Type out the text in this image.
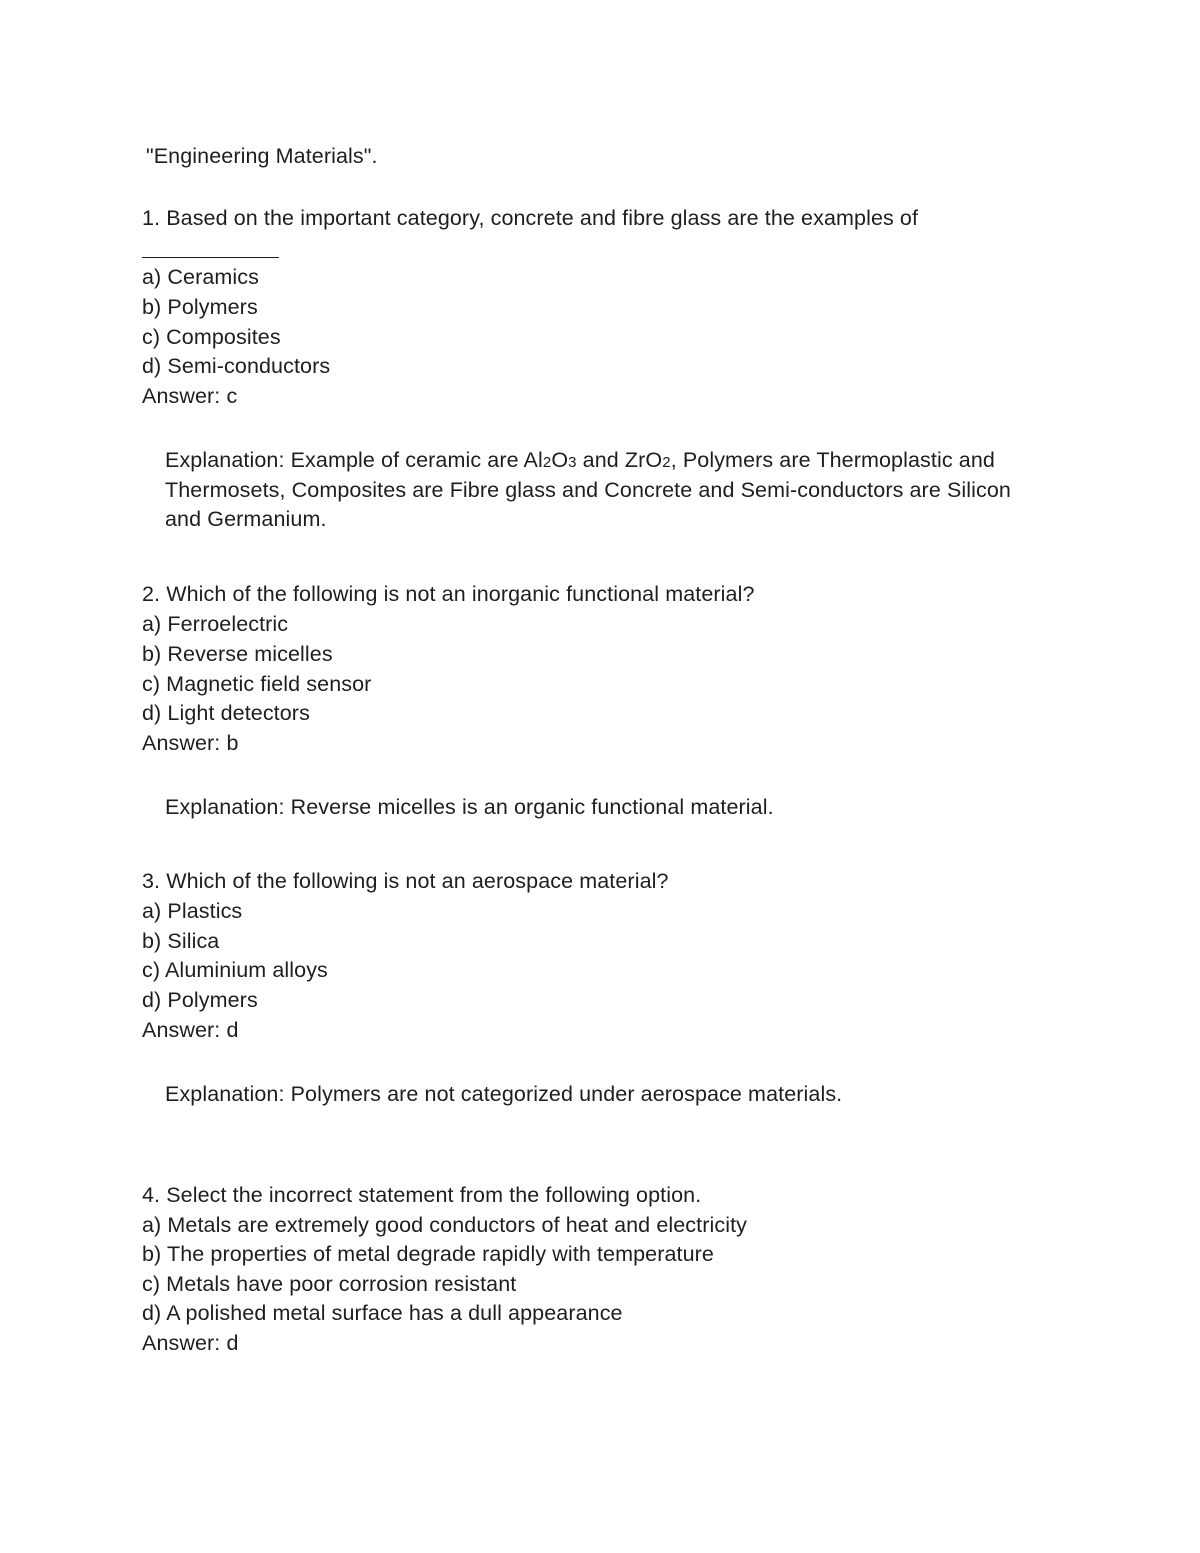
"Engineering Materials".
1. Based on the important category, concrete and fibre glass are the examples of
a) Ceramics
b) Polymers
c) Composites
d) Semi-conductors
Answer: c
Explanation: Example of ceramic are Al2O3 and ZrO2, Polymers are Thermoplastic and
Thermosets, Composites are Fibre glass and Concrete and Semi-conductors are Silicon
and Germanium.
2. Which of the following is not an inorganic functional material?
a) Ferroelectric
b) Reverse micelles
c) Magnetic field sensor
d) Light detectors
Answer: b
Explanation: Reverse micelles is an organic functional material.
3. Which of the following is not an aerospace material?
a) Plastics
b) Silica
c) Aluminium alloys
d) Polymers
Answer: d
Explanation: Polymers are not categorized under aerospace materials.
4. Select the incorrect statement from the following option.
a) Metals are extremely good conductors of heat and electricity
b) The properties of metal degrade rapidly with temperature
c) Metals have poor corrosion resistant
d) A polished metal surface has a dull appearance
Answer: d
